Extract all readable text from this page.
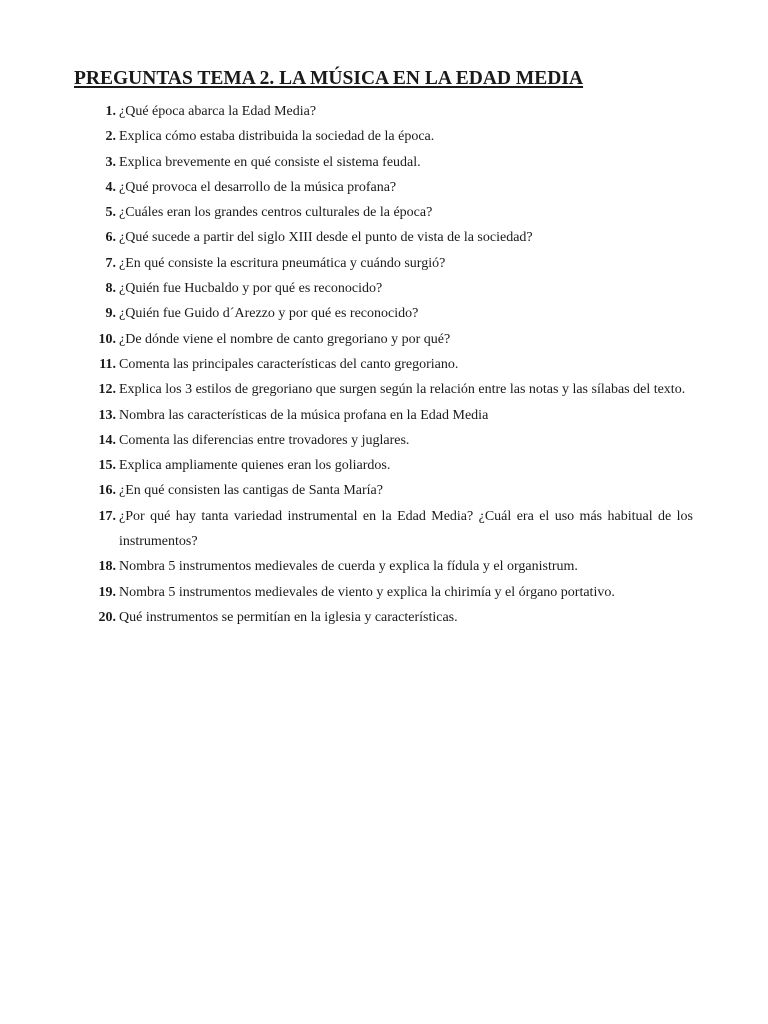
PREGUNTAS TEMA 2. LA MÚSICA EN LA EDAD MEDIA
1. ¿Qué época abarca la Edad Media?
2. Explica cómo estaba distribuida la sociedad de la época.
3. Explica brevemente en qué consiste el sistema feudal.
4. ¿Qué provoca el desarrollo de la música profana?
5. ¿Cuáles eran los grandes centros culturales de la época?
6. ¿Qué sucede a partir del siglo XIII desde el punto de vista de la sociedad?
7. ¿En qué consiste la escritura pneumática y cuándo surgió?
8. ¿Quién fue Hucbaldo y por qué es reconocido?
9. ¿Quién fue Guido d´Arezzo y por qué es reconocido?
10. ¿De dónde viene el nombre de canto gregoriano y por qué?
11. Comenta las principales características del canto gregoriano.
12. Explica los 3 estilos de gregoriano que surgen según la relación entre las notas y las sílabas del texto.
13. Nombra las características de la música profana en la Edad Media
14. Comenta las diferencias entre trovadores y juglares.
15. Explica ampliamente quienes eran los goliardos.
16. ¿En qué consisten las cantigas de Santa María?
17. ¿Por qué hay tanta variedad instrumental en la Edad Media? ¿Cuál era el uso más habitual de los instrumentos?
18. Nombra 5 instrumentos medievales de cuerda y explica la fídula y el organistrum.
19. Nombra 5 instrumentos medievales de viento y explica la chirimía y el órgano portativo.
20. Qué instrumentos se permitían en la iglesia y características.
